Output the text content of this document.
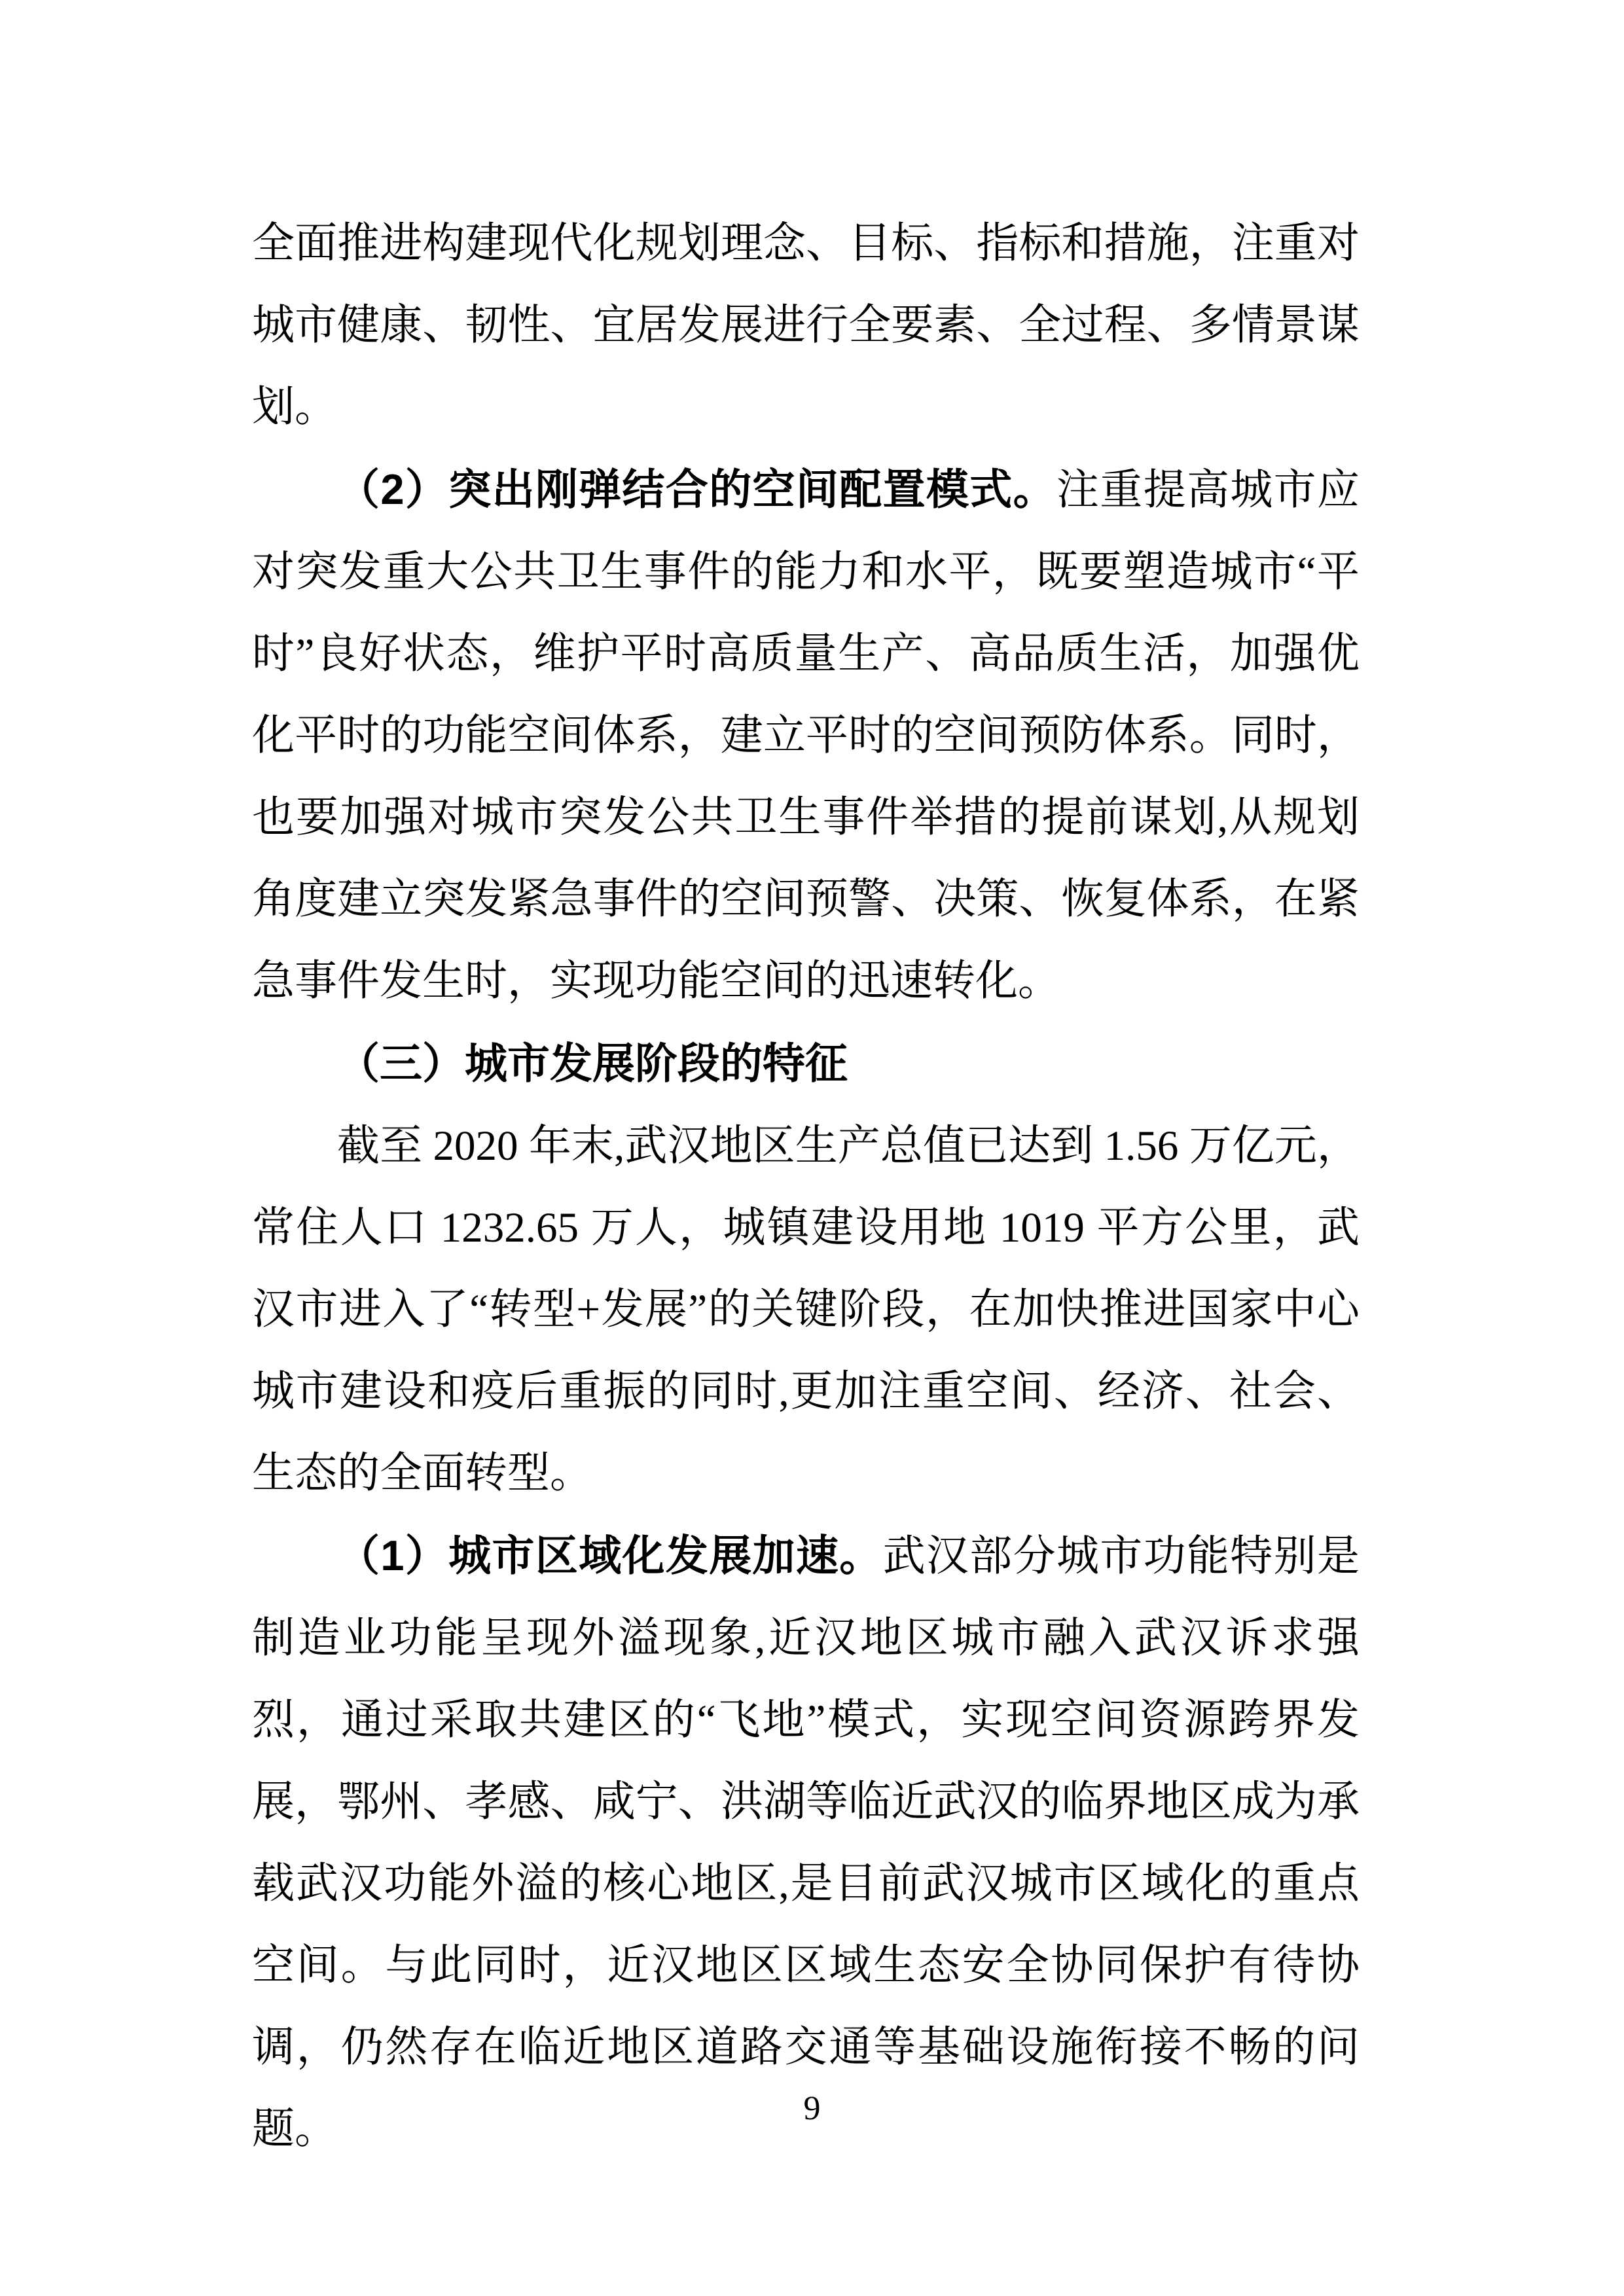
全面推进构建现代化规划理念、目标、指标和措施，注重对城市健康、韧性、宜居发展进行全要素、全过程、多情景谋划。

（2）突出刚弹结合的空间配置模式。注重提高城市应对突发重大公共卫生事件的能力和水平，既要塑造城市“平时”良好状态，维护平时高质量生产、高品质生活，加强优化平时的功能空间体系，建立平时的空间预防体系。同时，也要加强对城市突发公共卫生事件举措的提前谋划,从规划角度建立突发紧急事件的空间预警、决策、恢复体系，在紧急事件发生时，实现功能空间的迅速转化。

（三）城市发展阶段的特征

截至 2020 年末,武汉地区生产总值已达到 1.56 万亿元，常住人口 1232.65 万人，城镇建设用地 1019 平方公里，武汉市进入了“转型+发展”的关键阶段，在加快推进国家中心城市建设和疫后重振的同时,更加注重空间、经济、社会、生态的全面转型。

（1）城市区域化发展加速。武汉部分城市功能特别是制造业功能呈现外溢现象,近汉地区城市融入武汉诉求强烈，通过采取共建区的“飞地”模式，实现空间资源跨界发展，鄂州、孝感、咸宁、洪湖等临近武汉的临界地区成为承载武汉功能外溢的核心地区,是目前武汉城市区域化的重点空间。与此同时，近汉地区区域生态安全协同保护有待协调，仍然存在临近地区道路交通等基础设施衔接不畅的问题。	9
